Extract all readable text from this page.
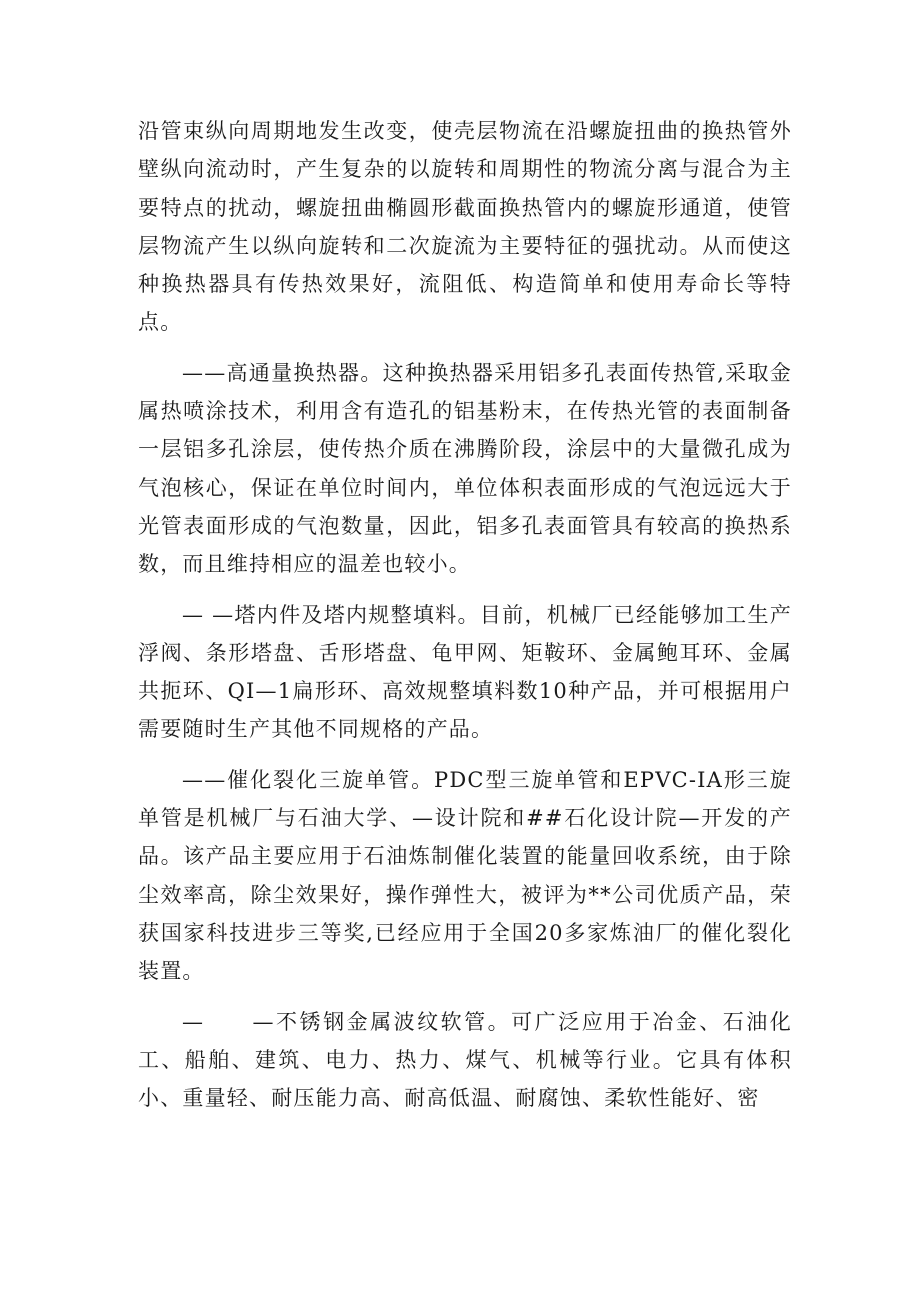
沿管束纵向周期地发生改变，使壳层物流在沿螺旋扭曲的换热管外壁纵向流动时，产生复杂的以旋转和周期性的物流分离与混合为主要特点的扰动，螺旋扭曲椭圆形截面换热管内的螺旋形通道，使管层物流产生以纵向旋转和二次旋流为主要特征的强扰动。从而使这种换热器具有传热效果好，流阻低、构造简单和使用寿命长等特点。

——高通量换热器。这种换热器采用铝多孔表面传热管,采取金属热喷涂技术，利用含有造孔的铝基粉末，在传热光管的表面制备一层铝多孔涂层，使传热介质在沸腾阶段，涂层中的大量微孔成为气泡核心，保证在单位时间内，单位体积表面形成的气泡远远大于光管表面形成的气泡数量，因此，铝多孔表面管具有较高的换热系数，而且维持相应的温差也较小。

— —塔内件及塔内规整填料。目前，机械厂已经能够加工生产浮阀、条形塔盘、舌形塔盘、龟甲网、矩鞍环、金属鲍耳环、金属共扼环、QI—1扁形环、高效规整填料数10种产品，并可根据用户需要随时生产其他不同规格的产品。

——催化裂化三旋单管。PDC型三旋单管和EPVC-IA形三旋单管是机械厂与石油大学、—设计院和##石化设计院—开发的产品。该产品主要应用于石油炼制催化装置的能量回收系统，由于除尘效率高，除尘效果好，操作弹性大，被评为**公司优质产品，荣获国家科技进步三等奖,已经应用于全国20多家炼油厂的催化裂化装置。

—　　—不锈钢金属波纹软管。可广泛应用于冶金、石油化工、船舶、建筑、电力、热力、煤气、机械等行业。它具有体积小、重量轻、耐压能力高、耐高低温、耐腐蚀、柔软性能好、密
